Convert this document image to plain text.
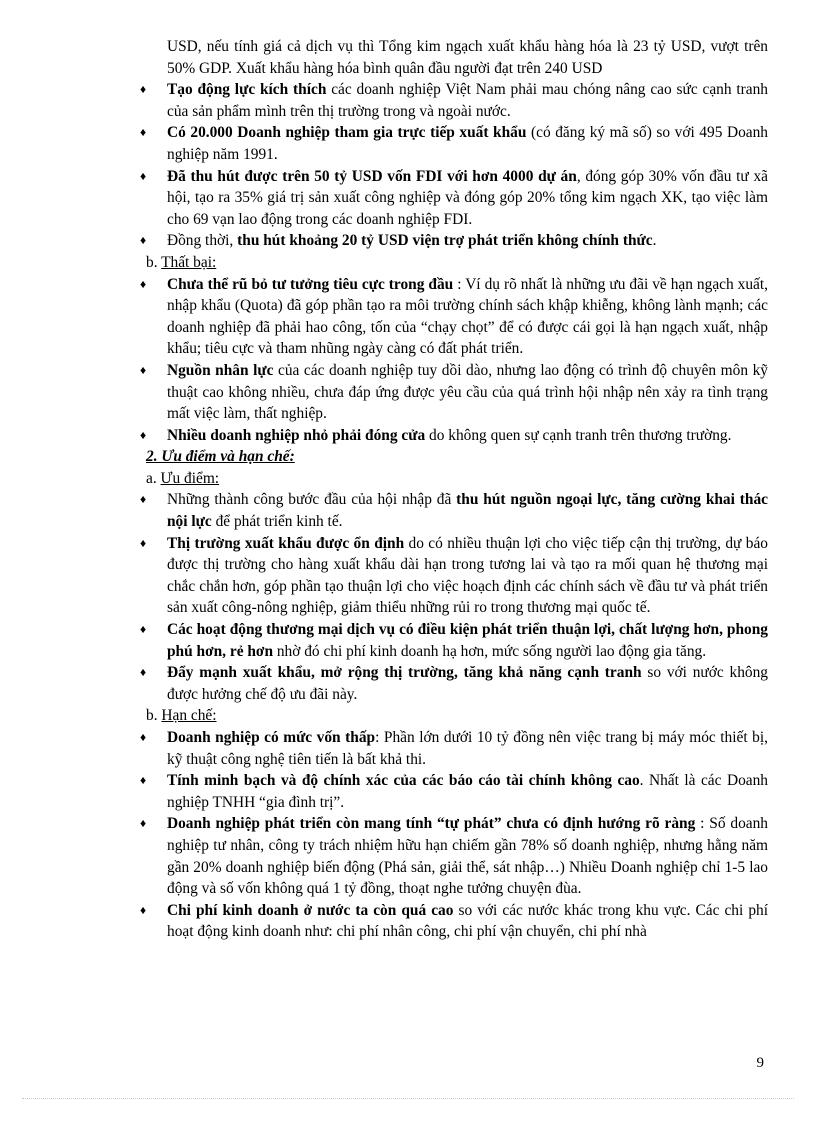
USD, nếu tính giá cả dịch vụ thì Tổng kim ngạch xuất khẩu hàng hóa là 23 tỷ USD, vượt trên 50% GDP. Xuất khẩu hàng hóa bình quân đầu người đạt trên 240 USD
♦	Tạo động lực kích thích các doanh nghiệp Việt Nam phải mau chóng nâng cao sức cạnh tranh của sản phẩm mình trên thị trường trong và ngoài nước.
♦	Có 20.000 Doanh nghiệp tham gia trực tiếp xuất khẩu (có đăng ký mã số) so với 495 Doanh nghiệp năm 1991.
♦	Đã thu hút được trên 50 tỷ USD vốn FDI với hơn 4000 dự án, đóng góp 30% vốn đầu tư xã hội, tạo ra 35% giá trị sản xuất công nghiệp và đóng góp 20% tổng kim ngạch XK, tạo việc làm cho 69 vạn lao động trong các doanh nghiệp FDI.
♦	Đồng thời, thu hút khoảng 20 tỷ USD viện trợ phát triển không chính thức.
b. Thất bại:
♦	Chưa thể rũ bỏ tư tưởng tiêu cực trong đầu : Ví dụ rõ nhất là những ưu đãi về hạn ngạch xuất, nhập khẩu (Quota) đã góp phần tạo ra môi trường chính sách khập khiễng, không lành mạnh; các doanh nghiệp đã phải hao công, tốn của “chạy chọt” để có được cái gọi là hạn ngạch xuất, nhập khẩu; tiêu cực và tham nhũng ngày càng có đất phát triển.
♦	Nguồn nhân lực của các doanh nghiệp tuy dồi dào, nhưng lao động có trình độ chuyên môn kỹ thuật cao không nhiều, chưa đáp ứng được yêu cầu của quá trình hội nhập nên xảy ra tình trạng mất việc làm, thất nghiệp.
♦	Nhiều doanh nghiệp nhỏ phải đóng cửa do không quen sự cạnh tranh trên thương trường.
2. Ưu điểm và hạn chế:
a. Ưu điểm:
♦	Những thành công bước đầu của hội nhập đã thu hút nguồn ngoại lực, tăng cường khai thác nội lực để phát triển kinh tế.
♦	Thị trường xuất khẩu được ổn định do có nhiều thuận lợi cho việc tiếp cận thị trường, dự báo được thị trường cho hàng xuất khẩu dài hạn trong tương lai và tạo ra mối quan hệ thương mại chắc chắn hơn, góp phần tạo thuận lợi cho việc hoạch định các chính sách về đầu tư và phát triển sản xuất công-nông nghiệp, giảm thiểu những rủi ro trong thương mại quốc tế.
♦	Các hoạt động thương mại dịch vụ có điều kiện phát triển thuận lợi, chất lượng hơn, phong phú hơn, rẻ hơn nhờ đó chi phí kinh doanh hạ hơn, mức sống người lao động gia tăng.
♦	Đẩy mạnh xuất khẩu, mở rộng thị trường, tăng khả năng cạnh tranh so với nước không được hưởng chế độ ưu đãi này.
b. Hạn chế:
♦	Doanh nghiệp có mức vốn thấp: Phần lớn dưới 10 tỷ đồng nên việc trang bị máy móc thiết bị, kỹ thuật công nghệ tiên tiến là bất khả thi.
♦	Tính minh bạch và độ chính xác của các báo cáo tài chính không cao. Nhất là các Doanh nghiệp TNHH “gia đình trị”.
♦	Doanh nghiệp phát triển còn mang tính “tự phát” chưa có định hướng rõ ràng : Số doanh nghiệp tư nhân, công ty trách nhiệm hữu hạn chiếm gần 78% số doanh nghiệp, nhưng hằng năm gần 20% doanh nghiệp biến động (Phá sản, giải thể, sát nhập…) Nhiều Doanh nghiệp chỉ 1-5 lao động và số vốn không quá 1 tỷ đồng, thoạt nghe tưởng chuyện đùa.
♦	Chi phí kinh doanh ở nước ta còn quá cao so với các nước khác trong khu vực. Các chi phí hoạt động kinh doanh như: chi phí nhân công, chi phí vận chuyển, chi phí nhà
9
